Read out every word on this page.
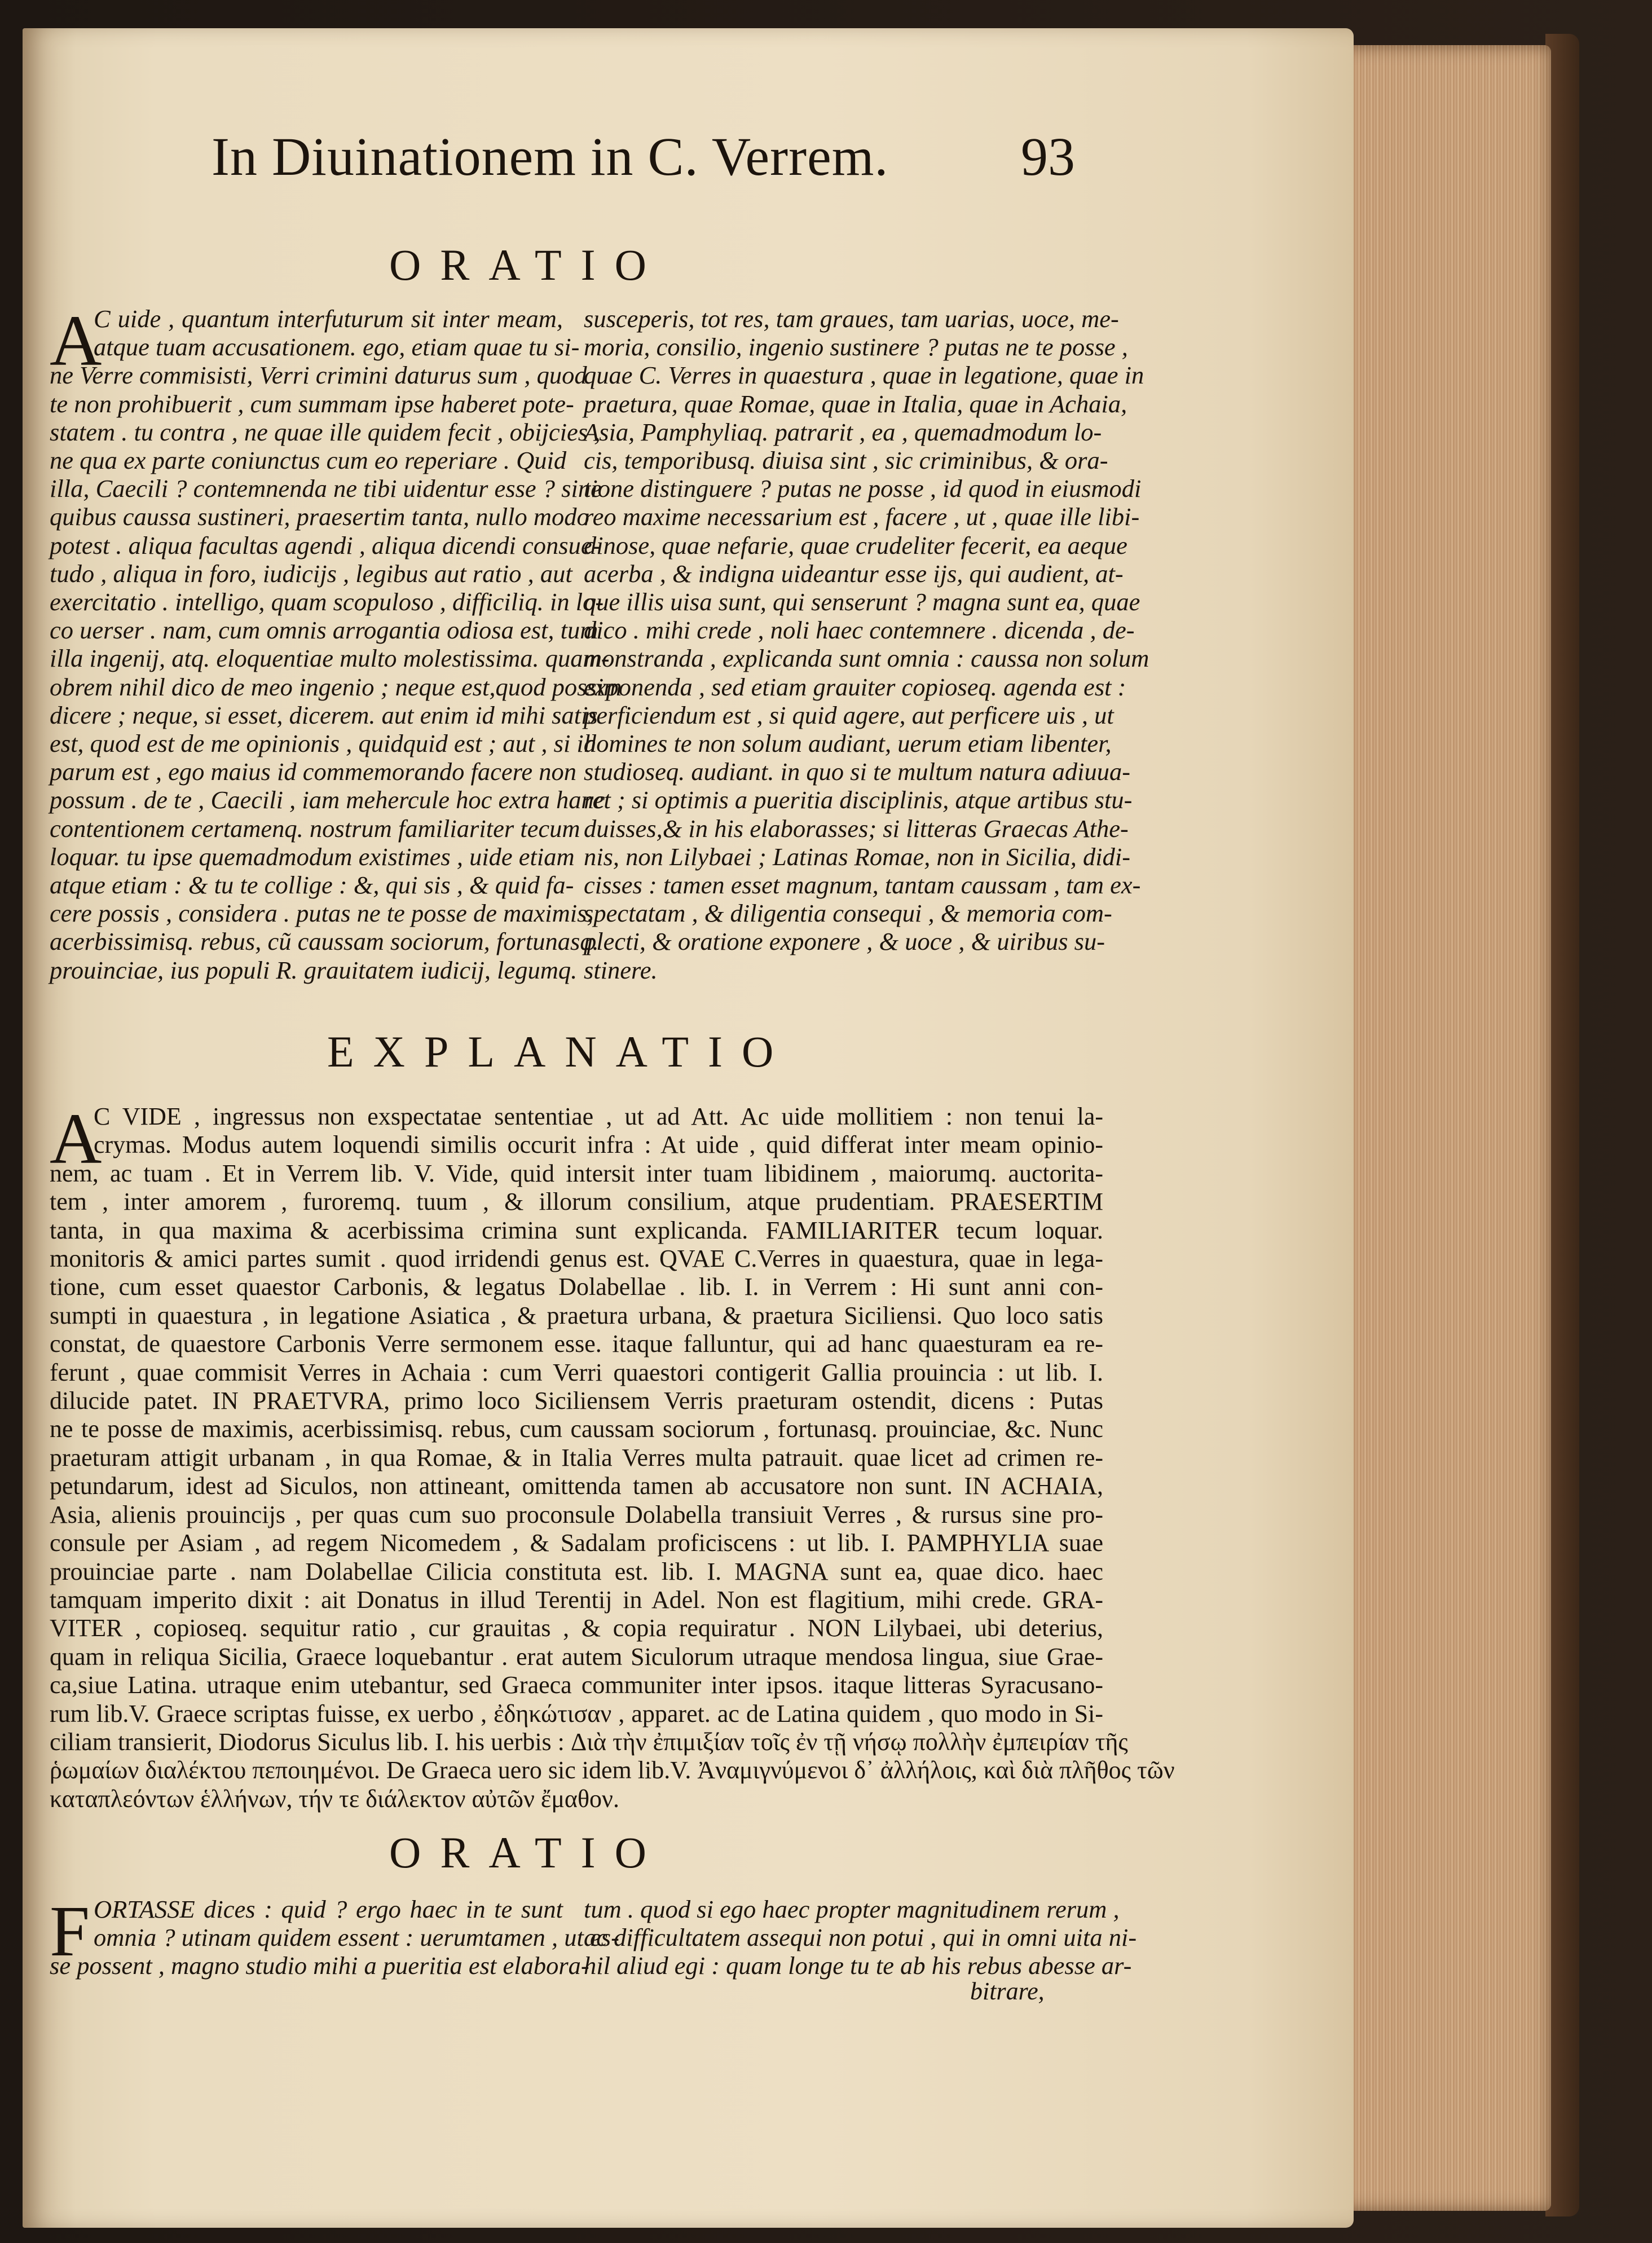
In Diuinationem in C. Verrem. 93
ORATIO
A
C uide , quantum interfuturum sit inter meam,
atque tuam accusationem. ego, etiam quae tu si-
ne Verre commisisti, Verri crimini daturus sum , quod
te non prohibuerit , cum summam ipse haberet pote-
statem . tu contra , ne quae ille quidem fecit , obijcies ,
ne qua ex parte coniunctus cum eo reperiare . Quid
illa, Caecili ? contemnenda ne tibi uidentur esse ? sine
quibus caussa sustineri, praesertim tanta, nullo modo
potest . aliqua facultas agendi , aliqua dicendi consue-
tudo , aliqua in foro, iudicijs , legibus aut ratio , aut
exercitatio . intelligo, quam scopuloso , difficiliq. in lo-
co uerser . nam, cum omnis arrogantia odiosa est, tum
illa ingenij, atq. eloquentiae multo molestissima. quam-
obrem nihil dico de meo ingenio ; neque est,quod possim
dicere ; neque, si esset, dicerem. aut enim id mihi satis
est, quod est de me opinionis , quidquid est ; aut , si id
parum est , ego maius id commemorando facere non
possum . de te , Caecili , iam mehercule hoc extra hanc
contentionem certamenq. nostrum familiariter tecum
loquar. tu ipse quemadmodum existimes , uide etiam
atque etiam : & tu te collige : &, qui sis , & quid fa-
cere possis , considera . putas ne te posse de maximis,
acerbissimisq. rebus, cũ caussam sociorum, fortunasq.
prouinciae, ius populi R. grauitatem iudicij, legumq.
susceperis, tot res, tam graues, tam uarias, uoce, me-
moria, consilio, ingenio sustinere ? putas ne te posse ,
quae C. Verres in quaestura , quae in legatione, quae in
praetura, quae Romae, quae in Italia, quae in Achaia,
Asia, Pamphyliaq. patrarit , ea , quemadmodum lo-
cis, temporibusq. diuisa sint , sic criminibus, & ora-
tione distinguere ? putas ne posse , id quod in eiusmodi
reo maxime necessarium est , facere , ut , quae ille libi-
dinose, quae nefarie, quae crudeliter fecerit, ea aeque
acerba , & indigna uideantur esse ijs, qui audient, at-
que illis uisa sunt, qui senserunt ? magna sunt ea, quae
dico . mihi crede , noli haec contemnere . dicenda , de-
monstranda , explicanda sunt omnia : caussa non solum
exponenda , sed etiam grauiter copioseq. agenda est :
perficiendum est , si quid agere, aut perficere uis , ut
homines te non solum audiant, uerum etiam libenter,
studioseq. audiant. in quo si te multum natura adiuua-
ret ; si optimis a pueritia disciplinis, atque artibus stu-
duisses,& in his elaborasses; si litteras Graecas Athe-
nis, non Lilybaei ; Latinas Romae, non in Sicilia, didi-
cisses : tamen esset magnum, tantam caussam , tam ex-
spectatam , & diligentia consequi , & memoria com-
plecti, & oratione exponere , & uoce , & uiribus su-
stinere.
EXPLANATIO
A
C VIDE , ingressus non exspectatae sententiae , ut ad Att. Ac uide mollitiem : non tenui la-
crymas. Modus autem loquendi similis occurit infra : At uide , quid differat inter meam opinio-
nem, ac tuam . Et in Verrem lib. V. Vide, quid intersit inter tuam libidinem , maiorumq. auctorita-
tem , inter amorem , furoremq. tuum , & illorum consilium, atque prudentiam. PRAESERTIM
tanta, in qua maxima & acerbissima crimina sunt explicanda. FAMILIARITER tecum loquar.
monitoris & amici partes sumit . quod irridendi genus est. QVAE C.Verres in quaestura, quae in lega-
tione, cum esset quaestor Carbonis, & legatus Dolabellae . lib. I. in Verrem : Hi sunt anni con-
sumpti in quaestura , in legatione Asiatica , & praetura urbana, & praetura Siciliensi. Quo loco satis
constat, de quaestore Carbonis Verre sermonem esse. itaque falluntur, qui ad hanc quaesturam ea re-
ferunt , quae commisit Verres in Achaia : cum Verri quaestori contigerit Gallia prouincia : ut lib. I.
dilucide patet. IN PRAETVRA, primo loco Siciliensem Verris praeturam ostendit, dicens : Putas
ne te posse de maximis, acerbissimisq. rebus, cum caussam sociorum , fortunasq. prouinciae, &c. Nunc
praeturam attigit urbanam , in qua Romae, & in Italia Verres multa patrauit. quae licet ad crimen re-
petundarum, idest ad Siculos, non attineant, omittenda tamen ab accusatore non sunt. IN ACHAIA,
Asia, alienis prouincijs , per quas cum suo proconsule Dolabella transiuit Verres , & rursus sine pro-
consule per Asiam , ad regem Nicomedem , & Sadalam proficiscens : ut lib. I. PAMPHYLIA suae
prouinciae parte . nam Dolabellae Cilicia constituta est. lib. I. MAGNA sunt ea, quae dico. haec
tamquam imperito dixit : ait Donatus in illud Terentij in Adel. Non est flagitium, mihi crede. GRA-
VITER , copioseq. sequitur ratio , cur grauitas , & copia requiratur . NON Lilybaei, ubi deterius,
quam in reliqua Sicilia, Graece loquebantur . erat autem Siculorum utraque mendosa lingua, siue Grae-
ca,siue Latina. utraque enim utebantur, sed Graeca communiter inter ipsos. itaque litteras Syracusano-
rum lib.V. Graece scriptas fuisse, ex uerbo , ἐδηκώτισαν , apparet. ac de Latina quidem , quo modo in Si-
ciliam transierit, Diodorus Siculus lib. I. his uerbis : Διὰ τὴν ἐπιμιξίαν τοῖς ἐν τῇ νήσῳ πολλὴν ἐμπειρίαν τῆς
ῥωμαίων διαλέκτου πεποιημένοι. De Graeca uero sic idem lib.V. Ἀναμιγνύμενοι δ᾽ ἀλλήλοις, καὶ διὰ πλῆθος τῶν
καταπλεόντων ἑλλήνων, τήν τε διάλεκτον αὐτῶν ἔμαθον.
ORATIO
F ORTASSE dices : quid ? ergo haec in te sunt
omnia ? utinam quidem essent : uerumtamen , ut es-
se possent , magno studio mihi a pueritia est elabora-
tum . quod si ego haec propter magnitudinem rerum ,
ac difficultatem assequi non potui , qui in omni uita ni-
hil aliud egi : quam longe tu te ab his rebus abesse ar-
bitrare,
